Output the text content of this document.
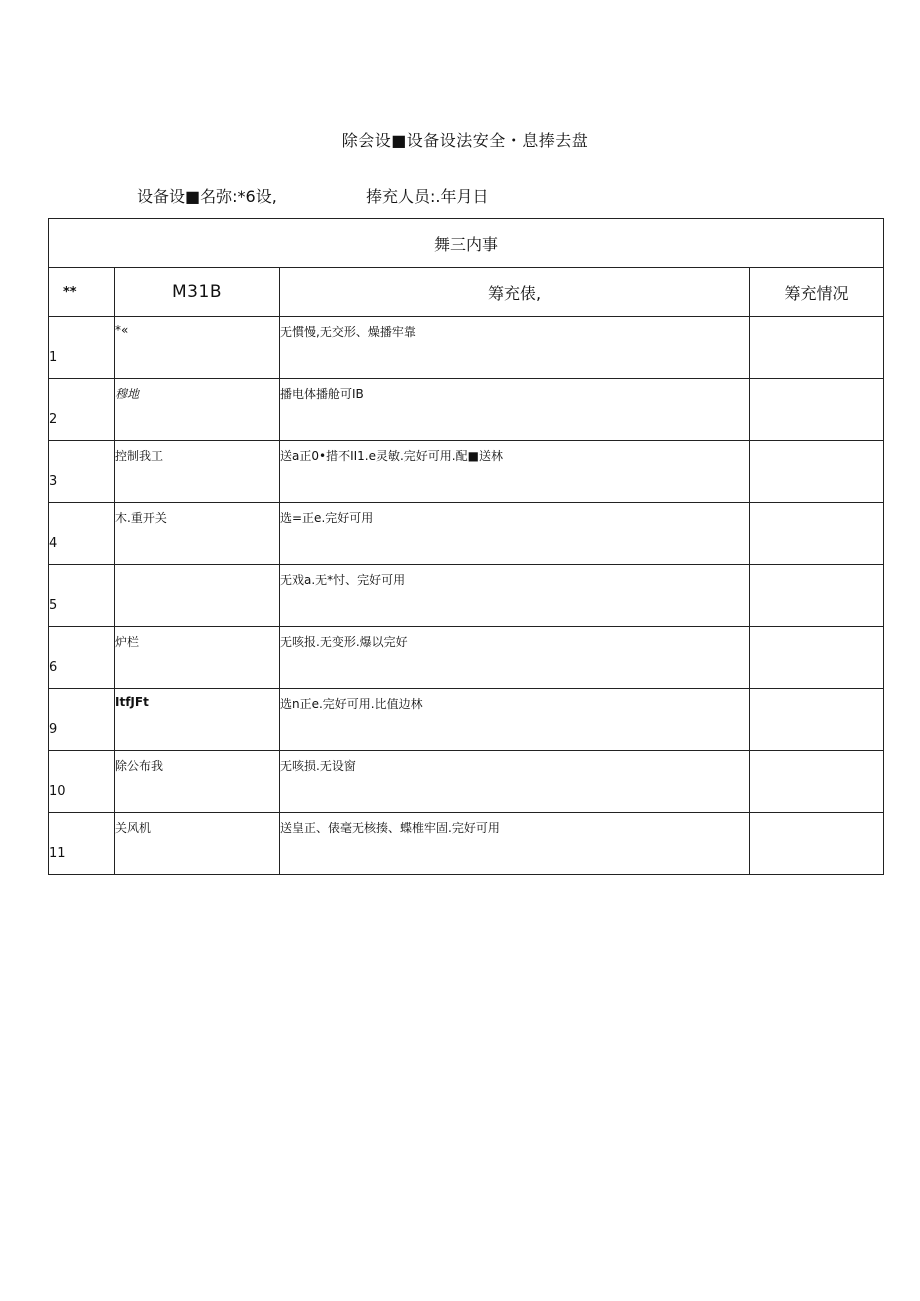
除会设■设备设法安全・息捧去盘
设备设■名弥:*6设,	捧充人员:.年月日
舞三内事			
**	M31B	筹充俵,	筹充情况
1	*«	无慣慢,无交形、燥播牢靠	

2	穆地	播电体播舱可IB	

3	控制我工	送a正0•措不II1.e灵敏.完好可用.配■送林	

4	木.重开关	选=正e.完好可用	

5		无戏a.无*忖、完好可用	

6	炉栏	无咳报.无变形.爆以完好	

9	ItfJFt	选n正e.完好可用.比值边林	

10	除公布我	无咳损.无设窗	

11	关风机	送皇正、俵毫无核揍、蝶椎牢固.完好可用	
